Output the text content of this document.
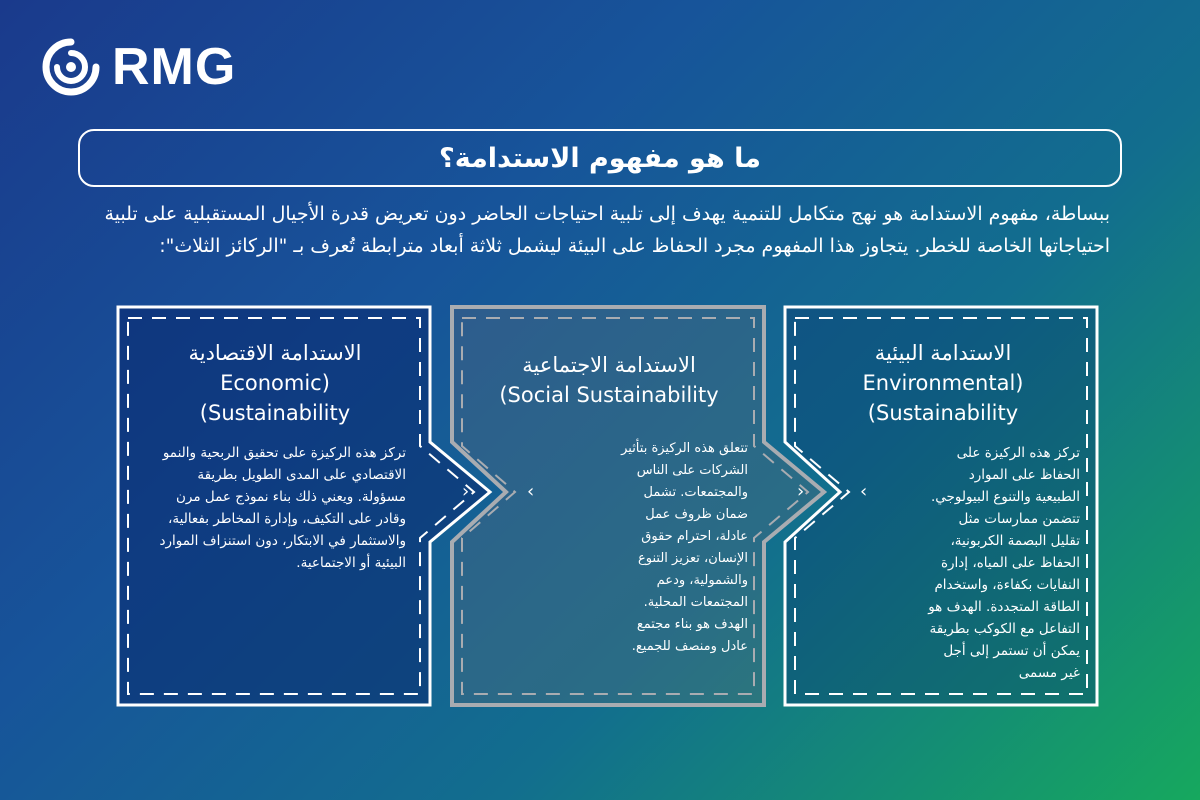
RMG
ما هو مفهوم الاستدامة؟
ببساطة، مفهوم الاستدامة هو نهج متكامل للتنمية يهدف إلى تلبية احتياجات الحاضر دون تعريض قدرة الأجيال المستقبلية على تلبية احتياجاتها الخاصة للخطر. يتجاوز هذا المفهوم مجرد الحفاظ على البيئة ليشمل ثلاثة أبعاد مترابطة تُعرف بـ "الركائز الثلاث":
›	‹	›	‹
الاستدامة الاقتصادية
Economic)
(Sustainability
تركز هذه الركيزة على تحقيق الربحية والنمو الاقتصادي على المدى الطويل بطريقة مسؤولة. ويعني ذلك بناء نموذج عمل مرن وقادر على التكيف، وإدارة المخاطر بفعالية، والاستثمار في الابتكار، دون استنزاف الموارد البيئية أو الاجتماعية.
الاستدامة الاجتماعية
(Social Sustainability
تتعلق هذه الركيزة بتأثير الشركات على الناس والمجتمعات. تشمل ضمان ظروف عمل عادلة، احترام حقوق الإنسان، تعزيز التنوع والشمولية، ودعم المجتمعات المحلية. الهدف هو بناء مجتمع عادل ومنصف للجميع.
الاستدامة البيئية
Environmental)
(Sustainability
تركز هذه الركيزة على الحفاظ على الموارد الطبيعية والتنوع البيولوجي. تتضمن ممارسات مثل تقليل البصمة الكربونية، الحفاظ على المياه، إدارة النفايات بكفاءة، واستخدام الطاقة المتجددة. الهدف هو التفاعل مع الكوكب بطريقة يمكن أن تستمر إلى أجل غير مسمى
